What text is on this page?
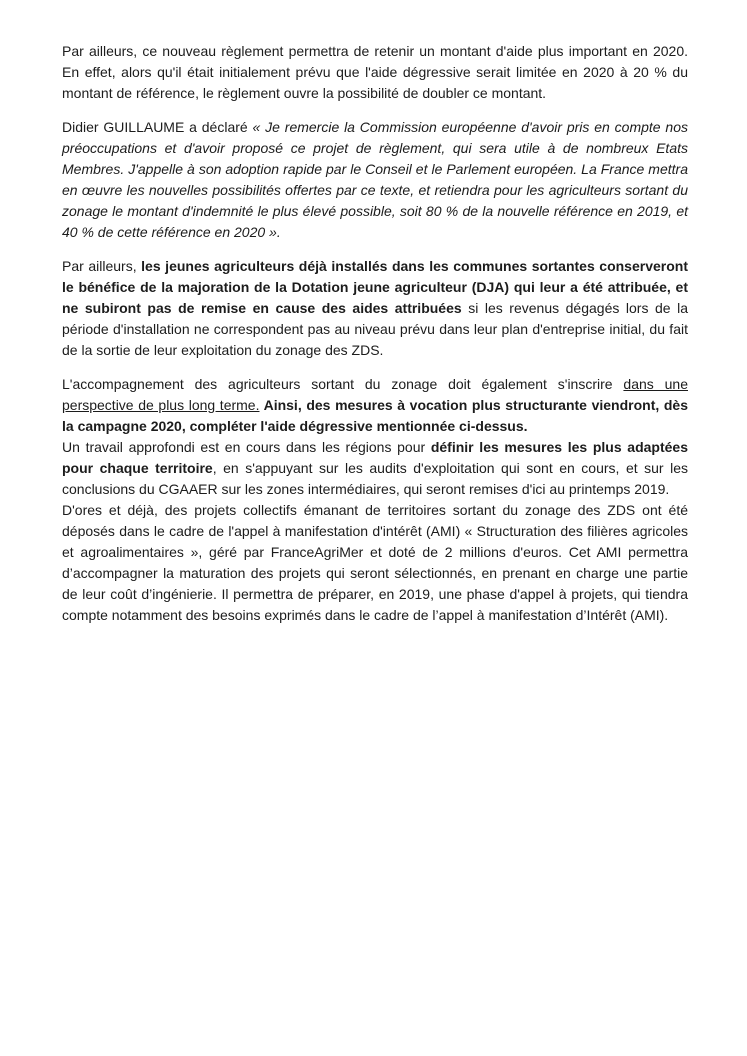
Par ailleurs, ce nouveau règlement permettra de retenir un montant d'aide plus important en 2020. En effet, alors qu'il était initialement prévu que l'aide dégressive serait limitée en 2020 à 20 % du montant de référence, le règlement ouvre la possibilité de doubler ce montant.

Didier GUILLAUME a déclaré « Je remercie la Commission européenne d'avoir pris en compte nos préoccupations et d'avoir proposé ce projet de règlement, qui sera utile à de nombreux Etats Membres. J'appelle à son adoption rapide par le Conseil et le Parlement européen. La France mettra en œuvre les nouvelles possibilités offertes par ce texte, et retiendra pour les agriculteurs sortant du zonage le montant d'indemnité le plus élevé possible, soit 80 % de la nouvelle référence en 2019, et 40 % de cette référence en 2020 ».

Par ailleurs, les jeunes agriculteurs déjà installés dans les communes sortantes conserveront le bénéfice de la majoration de la Dotation jeune agriculteur (DJA) qui leur a été attribuée, et ne subiront pas de remise en cause des aides attribuées si les revenus dégagés lors de la période d'installation ne correspondent pas au niveau prévu dans leur plan d'entreprise initial, du fait de la sortie de leur exploitation du zonage des ZDS.

L'accompagnement des agriculteurs sortant du zonage doit également s'inscrire dans une perspective de plus long terme. Ainsi, des mesures à vocation plus structurante viendront, dès la campagne 2020, compléter l'aide dégressive mentionnée ci-dessus.

Un travail approfondi est en cours dans les régions pour définir les mesures les plus adaptées pour chaque territoire, en s'appuyant sur les audits d'exploitation qui sont en cours, et sur les conclusions du CGAAER sur les zones intermédiaires, qui seront remises d'ici au printemps 2019.

D'ores et déjà, des projets collectifs émanant de territoires sortant du zonage des ZDS ont été déposés dans le cadre de l'appel à manifestation d'intérêt (AMI) « Structuration des filières agricoles et agroalimentaires », géré par FranceAgriMer et doté de 2 millions d'euros. Cet AMI permettra d’accompagner la maturation des projets qui seront sélectionnés, en prenant en charge une partie de leur coût d’ingénierie. Il permettra de préparer, en 2019, une phase d'appel à projets, qui tiendra compte notamment des besoins exprimés dans le cadre de l’appel à manifestation d’Intérêt (AMI).
